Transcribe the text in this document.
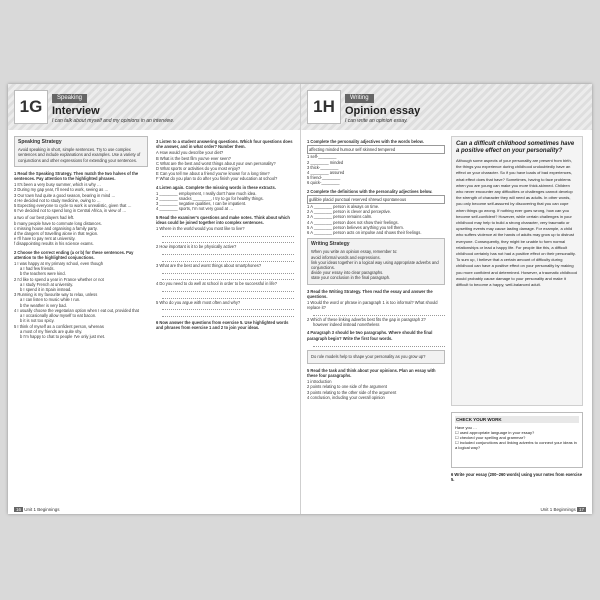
1G	Speaking
Interview
I can talk about myself and my opinions in an interview.
Speaking Strategy
Avoid speaking in short, simple sentences. Try to use complex sentences and include explanations and examples. Use a variety of conjunctions and other expressions for extending your sentences.
1 Read the Speaking Strategy. Then match the two halves of the sentences. Pay attention to the highlighted phrases.
1 It's been a very busy summer, which is why …
2 During my gap year, I'll need to work, seeing as …
3 Our town had quite a good season, bearing in mind …
4 He decided not to study medicine, owing to …
5 Expecting everyone to cycle to work is unrealistic, given that …
6 I've decided not to spend long in Central Africa, in view of …
a two of our best players had left.
b many people have to commute long distances.
c missing house and organising a family party.
d the dangers of travelling alone in that region.
e I'll have to pay rent at university.
f disappointing results in his science exams.
2 Choose the correct ending (a or b) for these sentences. Pay attention to the highlighted conjunctions.
1 I was happy at my primary school, even though
a I had few friends.
b the teachers were kind.
2 I'd like to spend a year in France whether or not
a I study French at university.
b I spend it in Spain instead.
3 Running is my favourite way to relax, unless
a I can listen to music while I run.
b the weather is very bad.
4 I usually choose the vegetarian option when I eat out, provided that
a I occasionally allow myself to eat bacon.
b it is not too spicy.
5 I think of myself as a confident person, whereas
a most of my friends are quite shy.
b I'm happy to chat to people I've only just met.
3 Listen to a student answering questions. Which four questions does she answer, and in what order? Number them.
A How would you describe your diet?
B What is the best film you've ever seen?
C What are the best and worst things about your own personality?
D What sports or activities do you most enjoy?
E Can you tell me about a friend you've known for a long time?
F What do you plan to do after you finish your education at school?
4 Listen again. Complete the missing words in these extracts.
1 ________ employment, I really don't have much idea.
2 ________ snacks ________, I try to go for healthy things.
3 ________ negative qualities, I can be impatient.
4 ________ sports, I'm not very good at …
5 Read the examiner's questions and make notes. Think about which ideas could be joined together into complex sentences.
1 Where in the world would you most like to live?
2 How important is it to be physically active?
3 What are the best and worst things about smartphones?
4 Do you need to do well at school in order to be successful in life?
5 Who do you argue with most often and why?
6 Now answer the questions from exercise 5. Use highlighted words and phrases from exercise 1 and 2 to join your ideas.
16 Unit 1 Beginnings
1H	Writing
Opinion essay
I can write an opinion essay.
1 Complete the personality adjectives with the words below.
affecting minded humour self skinned tempered
1 self-________
2 ________ minded
3 thick-________
4 ________ assured
5 friend-________
6 quick-________
2 Complete the definitions with the personality adjectives below.
gullible placid punctual reserved shrewd spontaneous
1 A ________ person is always on time.
2 A ________ person is clever and perceptive.
3 A ________ person remains calm.
4 A ________ person does not show their feelings.
5 A ________ person believes anything you tell them.
6 A ________ person acts on impulse and shows their feelings.
Writing Strategy
When you write an opinion essay, remember to:
avoid informal words and expressions.
link your ideas together in a logical way using appropriate adverbs and conjunctions.
divide your essay into clear paragraphs.
state your conclusion in the final paragraph.
3 Read the Writing Strategy. Then read the essay and answer the questions.
1 Would the word or phrase in paragraph 1 is too informal? What should replace it?
2 Which of these linking adverbs best fits the gap in paragraph 2?
however indeed instead nonetheless
4 Paragraph 3 should be two paragraphs. Where should the final paragraph begin? Write the first four words.
Do role models help to shape your personality as you grow up?
5 Read the task and think about your opinions. Plan an essay with these four paragraphs.
1 introduction
2 points relating to one side of the argument
3 points relating to the other side of the argument
4 conclusion, including your overall opinion
Can a difficult childhood sometimes have a positive effect on your personality?
Although some aspects of your personality are present from birth, the things you experience during childhood undoubtedly have an effect on your character. So if you have loads of bad experiences, what effect does that have? Sometimes, having to face problems when you are young can make you more thick-skinned. Children who never encounter any difficulties or challenges cannot develop the strength of character they will need as adults. In other words, you only become self-assured by discovering that you can cope when things go wrong. If nothing ever goes wrong, how can you become self-confident? However, while certain challenges in your childhood may help to build a strong character, very traumatic or upsetting events may cause lasting damage. For example, a child who suffers violence at the hands of adults may grow up to distrust everyone. Consequently, they might be unable to form normal relationships or lead a happy life. For people like this, a difficult childhood certainly has not had a positive effect on their personality. To sum up, I believe that a certain amount of difficulty during childhood can have a positive effect on your personality by making you more confident and determined. However, a traumatic childhood would probably cause damage to your personality and make it difficult to become a happy, well-balanced adult.
CHECK YOUR WORK
Have you …
☐ used appropriate language in your essay?
☐ checked your spelling and grammar?
☐ included conjunctions and linking adverbs to connect your ideas in a logical way?
6 Write your essay (200–260 words) using your notes from exercise 5.
Unit 1 Beginnings 17
